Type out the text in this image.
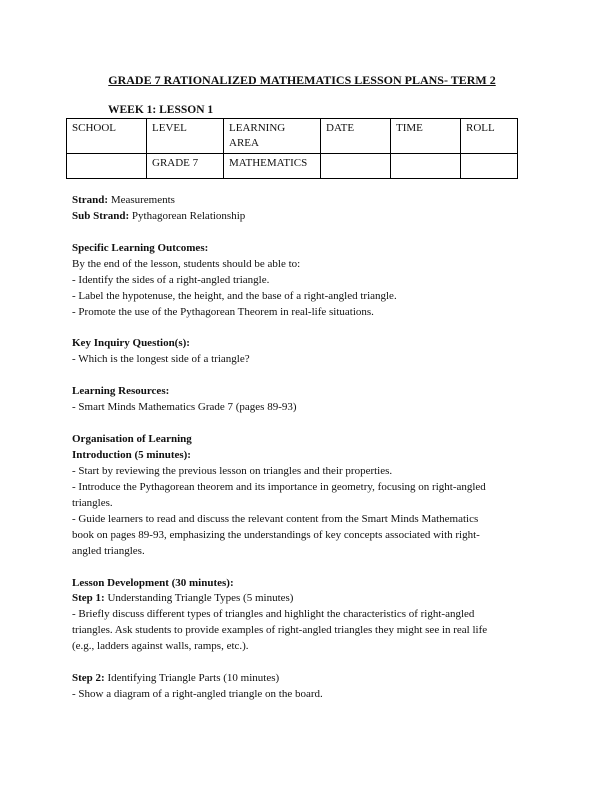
GRADE 7 RATIONALIZED MATHEMATICS LESSON PLANS- TERM 2
WEEK 1: LESSON 1
SCHOOL	LEVEL	LEARNING AREA	DATE	TIME	ROLL
	GRADE 7	MATHEMATICS			
Strand: Measurements
Sub Strand: Pythagorean Relationship
Specific Learning Outcomes:
By the end of the lesson, students should be able to:
- Identify the sides of a right-angled triangle.
- Label the hypotenuse, the height, and the base of a right-angled triangle.
- Promote the use of the Pythagorean Theorem in real-life situations.
Key Inquiry Question(s):
- Which is the longest side of a triangle?
Learning Resources:
- Smart Minds Mathematics Grade 7 (pages 89-93)
Organisation of Learning
Introduction (5 minutes):
- Start by reviewing the previous lesson on triangles and their properties.
- Introduce the Pythagorean theorem and its importance in geometry, focusing on right-angled
triangles.
- Guide learners to read and discuss the relevant content from the Smart Minds Mathematics
book on pages 89-93, emphasizing the understandings of key concepts associated with right-
angled triangles.
Lesson Development (30 minutes):
Step 1: Understanding Triangle Types (5 minutes)
- Briefly discuss different types of triangles and highlight the characteristics of right-angled
triangles. Ask students to provide examples of right-angled triangles they might see in real life
(e.g., ladders against walls, ramps, etc.).
Step 2: Identifying Triangle Parts (10 minutes)
- Show a diagram of a right-angled triangle on the board.
